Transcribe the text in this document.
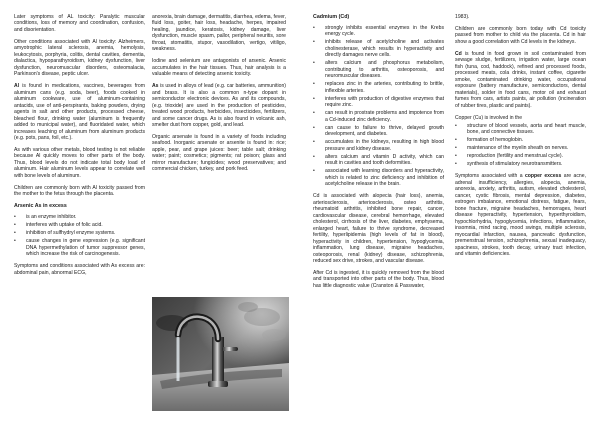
Later symptoms of AL toxicity: Paralytic muscular conditions, loss of memory and coordination, confusion, and disorientation.

Other conditions associated with Al toxicity: Alzheimers, amyotrophic lateral sclerosis, anemia, hemolysis, leukocytosis, porphyria, colitis, dental cavities, dementia, dialactica, hypoparathyroidism, kidney dysfunction, liver dysfunction, neuromuscular disorders, osteomalacia, Parkinson's disease, peptic ulcer.

Al is found in medications, vaccines, beverages from aluminum cans (e.g. soda, beer), foods cooked in aluminum cookware, use of aluminum-containing antacids, use of anti-perspirants, baking powders, drying agents in salt and other products, processed cheese, bleached flour, drinking water (aluminum is frequently added to municipal water), and fluoridated water, which increases leaching of aluminum from aluminum products (e.g. pots, pans, foil, etc.).

As with various other metals, blood testing is not reliable because Al quickly moves to other parts of the body. Thus, blood levels do not indicate total body load of aluminum. Hair aluminum levels appear to correlate well with bone levels of aluminum.

Children are commonly born with Al toxicity passed from the mother to the fetus through the placenta.

Arsenic As in excess
•	is an enzyme inhibitor.
•	interferes with uptake of folic acid.
•	inhibition of sulfhydryl enzyme systems.
•	cause changes in gene expression (e.g. significant DNA hypermethylation of tumor suppressor genes, which increase the risk of carcinogenesis.

Symptoms and conditions associated with As excess are: abdominal pain, abnormal ECG,

anorexia, brain damage, dermatitis, diarrhea, edema, fever, fluid loss, goiter, hair loss, headache, herpes, impaired healing, jaundice, keratosis, kidney damage, liver dysfunction, muscle spasm, pallor, peripheral neuritis, sore throat, stomatitis, stupor, vasodilation, vertigo, vitiligo, weakness.

Iodine and selenium are antagonists of arsenic. Arsenic accumulates in the hair tissues. Thus, hair analysis is a valuable means of detecting arsenic toxicity.

As is used in alloys of lead (e.g. car batteries, ammunition) and brass. It is also a common n-type dopant in semiconductor electronic devices. As and its compounds, (e.g. trioxide) are used in the production of pesticides, treated wood products, herbicides, insecticides, fertilizers, and some cancer drugs. As is also found in volcanic ash, smelter dust from copper, gold, and lead.

Organic arsenate is found in a variety of foods including seafood. Inorganic arsenate or arsenite is found in: rice; apple, pear, and grape juices: beer; table salt; drinking water; paint; cosmetics; pigments; rat poison; glass and mirror manufacture; fungicides; wood preservatives; and commercial chicken, turkey, and pork feed.

Cadmium (Cd)
•	strongly inhibits essential enzymes in the Krebs energy cycle.
•	inhibits release of acetylcholine and activates cholinesterase, which results in hyperactivity and directly damages nerve cells.
•	alters calcium and phosphorus metabolism, contributing to arthritis, osteoporosis, and neuromuscular diseases.
•	replaces zinc in the arteries, contributing to brittle, inflexible arteries.
•	interferes with production of digestive enzymes that require zinc.
•	can result in prostrate problems and impotence from a Cd-induced zinc deficiency.
•	can cause to failure to thrive, delayed growth development, and diabetes.
•	accumulates in the kidneys, resulting in high blood pressure and kidney disease.
•	alters calcium and vitamin D activity, which can result in cavities and tooth deformities.
•	associated with learning disorders and hyperactivity, which is related to zinc deficiency and inhibition of acetylcholine release in the brain.

Cd is associated with alopecia (hair loss), anemia, arteriosclerosis, arteriosclerosis, osteo arthritis, rheumatoid arthritis, inhibited bone repair, cancer, cardiovascular disease, cerebral hemorrhage, elevated cholesterol, cirrhosis of the liver, diabetes, emphysema, enlarged heart, failure to thrive syndrome, decreased fertility, hyperlipidemia (high levels of fat in blood), hyperactivity in children, hypertension, hypoglycemia, inflammation, lung disease, migraine headaches, osteoporosis, renal (kidney) disease, schizophrenia, reduced sex drive, strokes, and vascular disease.

After Cd is ingested, it is quickly removed from the blood and transported into other parts of the body. Thus, blood has little diagnostic value (Cranston & Passwater,

1983).

Children are commonly born today with Cd toxicity passed from mother to child via the placenta. Cd in hair show a good correlation with Cd levels in the kidneys.

Cd is found in food grown in soil contaminated from sewage sludge, fertilizers, irrigation water, large ocean fish (tuna, cod, haddock), refined and processed foods, processed meats, cola drinks, instant coffee, cigarette smoke, contaminated drinking water, occupational exposure (battery manufacture, semiconductors, dental materials), solder in food cans, motor oil and exhaust fumes from cars, artists paints, air pollution (incineration of rubber tires, plastic and paints).

Copper (Cu) is involved in the

•	structure of blood vessels, aorta and heart muscle, bone, and connective tissues.
•	formation of hemoglobin.
•	maintenance of the myelin sheath on nerves.
•	reproduction (fertility and menstrual cycle).
•	synthesis of stimulatory neurotransmitters.

Symptoms associated with a copper excess are acne, adrenal insufficiency, allergies, alopecia, anemia, anorexia, anxiety, arthritis, autism, elevated cholesterol, cancer, cystic fibrosis, mental depression, diabetes, estrogen imbalance, emotional distress, fatigue, fears, bone fracture, migraine headaches, hemorrages, heart disease hyperactivity, hypertension, hyperthyroidism, hypochlorhydria, hypoglycemia, infections, inflammation, insomnia, mind racing, mood swings, multiple sclerosis, myocardial infarction, nausea, pancreatic dysfunction, premenstrual tension, schizophrenia, sexual inadequacy, spaciness, strokes, tooth decay, urinary tract infection, and vitamin deficiencies.
